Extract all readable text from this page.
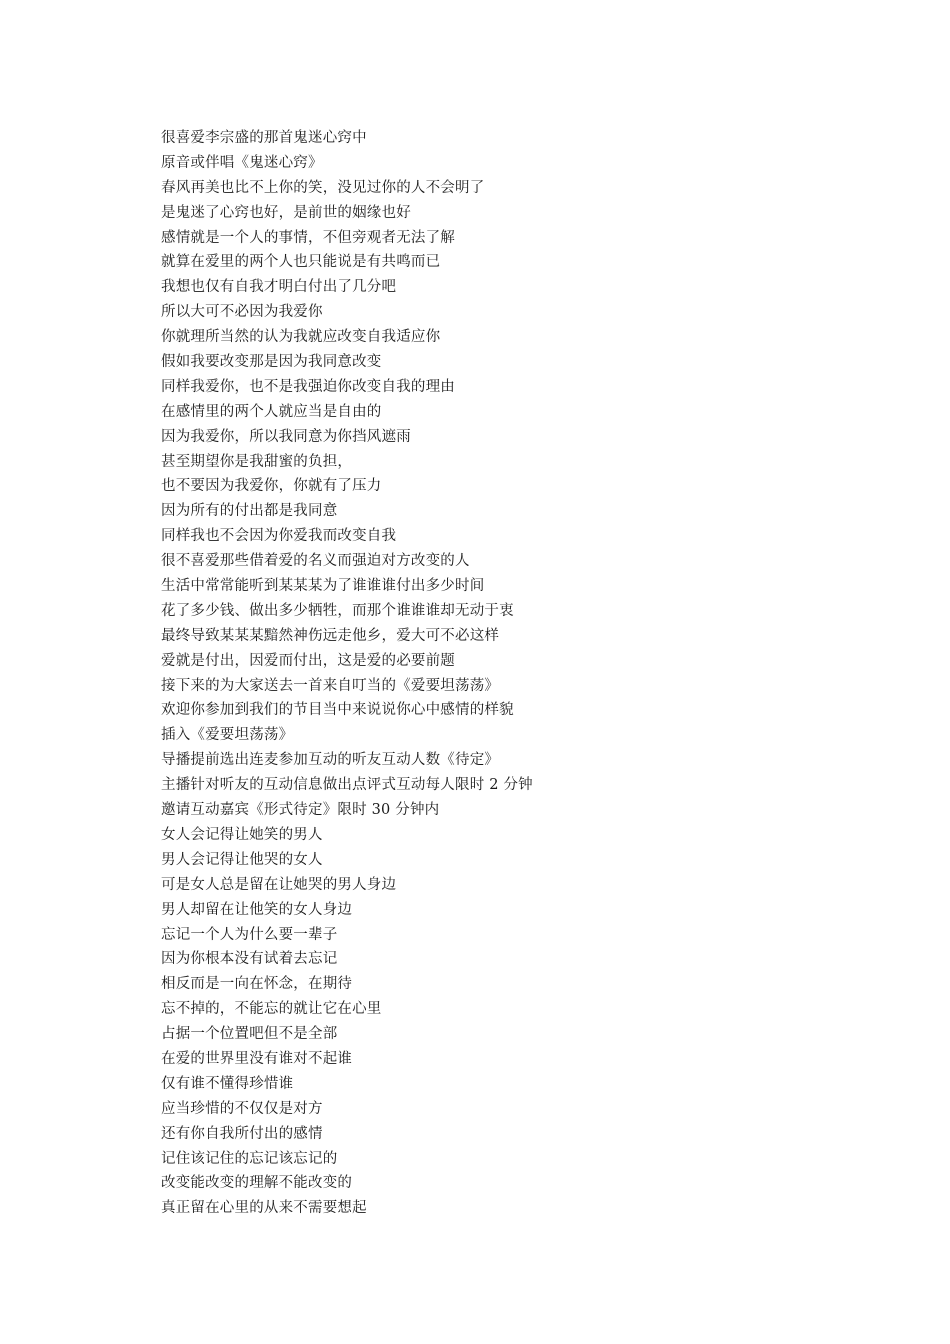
很喜爱李宗盛的那首鬼迷心窍中
原音或伴唱《鬼迷心窍》
春风再美也比不上你的笑，没见过你的人不会明了
是鬼迷了心窍也好，是前世的姻缘也好
感情就是一个人的事情，不但旁观者无法了解
就算在爱里的两个人也只能说是有共鸣而已
我想也仅有自我才明白付出了几分吧
所以大可不必因为我爱你
你就理所当然的认为我就应改变自我适应你
假如我要改变那是因为我同意改变
同样我爱你，也不是我强迫你改变自我的理由
在感情里的两个人就应当是自由的
因为我爱你，所以我同意为你挡风遮雨
甚至期望你是我甜蜜的负担，
也不要因为我爱你，你就有了压力
因为所有的付出都是我同意
同样我也不会因为你爱我而改变自我
很不喜爱那些借着爱的名义而强迫对方改变的人
生活中常常能听到某某某为了谁谁谁付出多少时间
花了多少钱、做出多少牺牲，而那个谁谁谁却无动于衷
最终导致某某某黯然神伤远走他乡，爱大可不必这样
爱就是付出，因爱而付出，这是爱的必要前题
接下来的为大家送去一首来自叮当的《爱要坦荡荡》
欢迎你参加到我们的节目当中来说说你心中感情的样貌
插入《爱要坦荡荡》
导播提前选出连麦参加互动的听友互动人数《待定》
主播针对听友的互动信息做出点评式互动每人限时 2 分钟
邀请互动嘉宾《形式待定》限时 30 分钟内
女人会记得让她笑的男人
男人会记得让他哭的女人
可是女人总是留在让她哭的男人身边
男人却留在让他笑的女人身边
忘记一个人为什么要一辈子
因为你根本没有试着去忘记
相反而是一向在怀念，在期待
忘不掉的，不能忘的就让它在心里
占据一个位置吧但不是全部
在爱的世界里没有谁对不起谁
仅有谁不懂得珍惜谁
应当珍惜的不仅仅是对方
还有你自我所付出的感情
记住该记住的忘记该忘记的
改变能改变的理解不能改变的
真正留在心里的从来不需要想起
